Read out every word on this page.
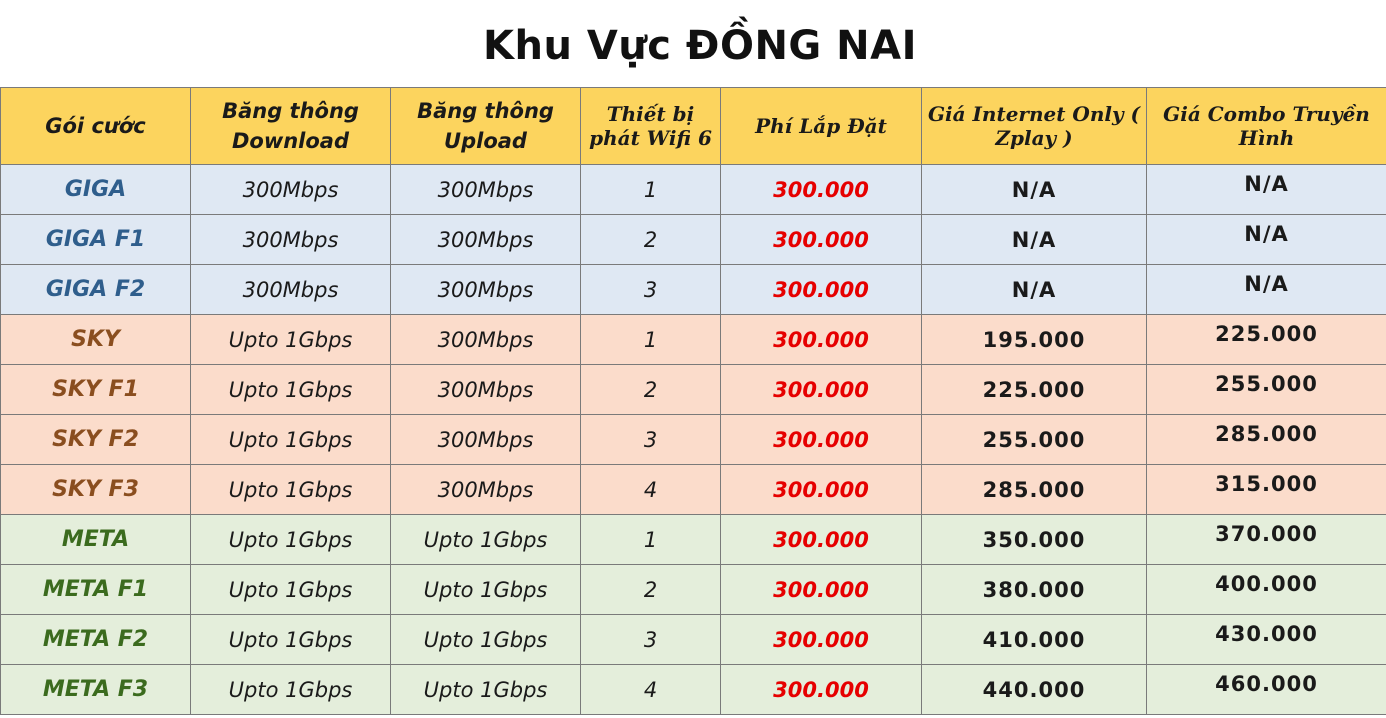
Khu Vực ĐỒNG NAI
Gói cước	Băng thông Download	Băng thông Upload	Thiết bị phát Wifi 6	Phí Lắp Đặt	Giá Internet Only ( Zplay )	Giá Combo Truyền Hình
GIGA	300Mbps	300Mbps	1	300.000	N/A	N/A
GIGA F1	300Mbps	300Mbps	2	300.000	N/A	N/A
GIGA F2	300Mbps	300Mbps	3	300.000	N/A	N/A
SKY	Upto 1Gbps	300Mbps	1	300.000	195.000	225.000
SKY F1	Upto 1Gbps	300Mbps	2	300.000	225.000	255.000
SKY F2	Upto 1Gbps	300Mbps	3	300.000	255.000	285.000
SKY F3	Upto 1Gbps	300Mbps	4	300.000	285.000	315.000
META	Upto 1Gbps	Upto 1Gbps	1	300.000	350.000	370.000
META F1	Upto 1Gbps	Upto 1Gbps	2	300.000	380.000	400.000
META F2	Upto 1Gbps	Upto 1Gbps	3	300.000	410.000	430.000
META F3	Upto 1Gbps	Upto 1Gbps	4	300.000	440.000	460.000
